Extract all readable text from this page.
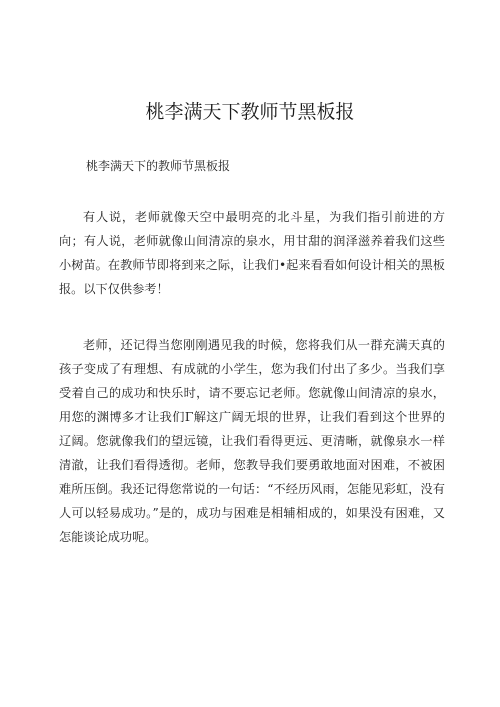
桃李满天下教师节黑板报
桃李满天下的教师节黑板报

有人说，老师就像天空中最明亮的北斗星，为我们指引前进的方向；有人说，老师就像山间清凉的泉水，用甘甜的润泽滋养着我们这些小树苗。在教师节即将到来之际，让我们•起来看看如何设计相关的黑板报。以下仅供参考！

老师，还记得当您刚刚遇见我的时候，您将我们从一群充满天真的孩子变成了有理想、有成就的小学生，您为我们付出了多少。当我们享受着自己的成功和快乐时，请不要忘记老师。您就像山间清凉的泉水，用您的渊博多才让我们Γ解这广阔无垠的世界，让我们看到这个世界的辽阔。您就像我们的望远镜，让我们看得更远、更清晰，就像泉水一样清澈，让我们看得透彻。老师，您教导我们要勇敢地面对困难，不被困难所压倒。我还记得您常说的一句话：“不经历风雨，怎能见彩虹，没有人可以轻易成功。”是的，成功与困难是相辅相成的，如果没有困难，又怎能谈论成功呢。
